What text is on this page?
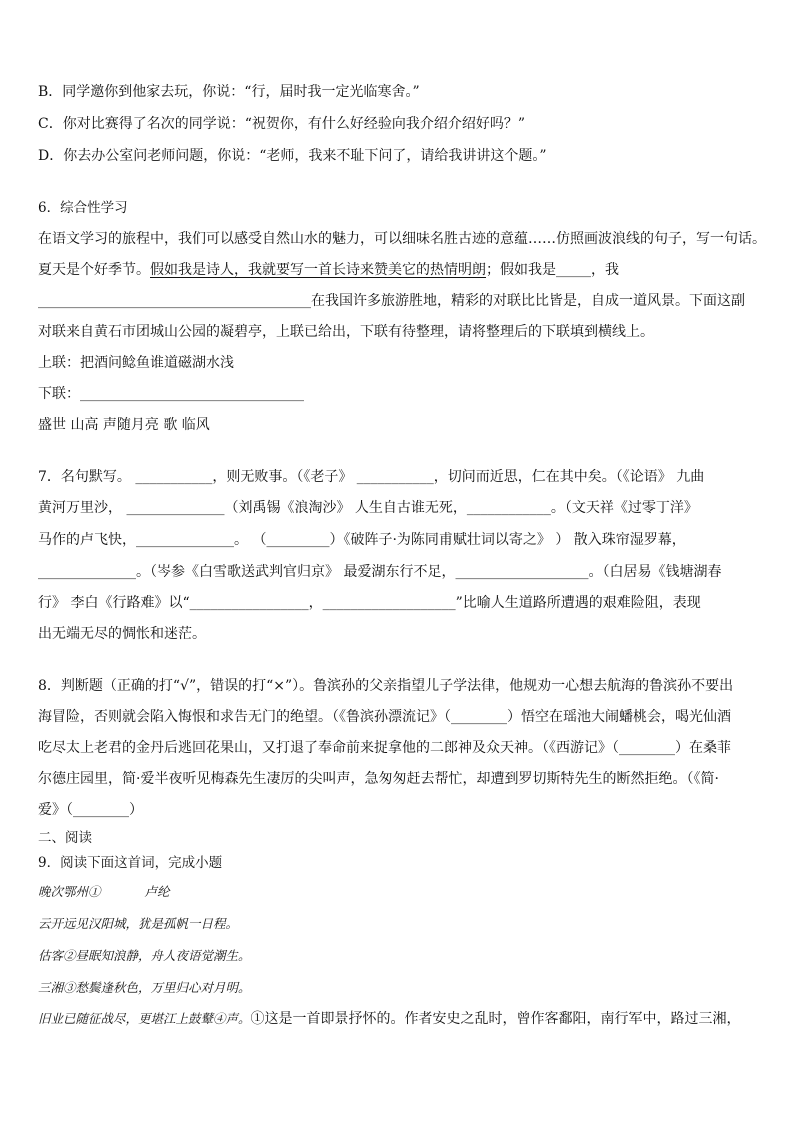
B．同学邀你到他家去玩，你说：“行，届时我一定光临寒舍。”
C．你对比赛得了名次的同学说：“祝贺你，有什么好经验向我介绍介绍好吗？”
D．你去办公室问老师问题，你说：“老师，我来不耻下问了，请给我讲讲这个题。”
6．综合性学习
在语文学习的旅程中，我们可以感受自然山水的魅力，可以细味名胜古迹的意蕴……仿照画波浪线的句子，写一句话。
夏天是个好季节。假如我是诗人，我就要写一首长诗来赞美它的热情明朗；假如我是_____，我
_______________________________________在我国许多旅游胜地，精彩的对联比比皆是，自成一道风景。下面这副
对联来自黄石市团城山公园的凝碧亭，上联已给出，下联有待整理，请将整理后的下联填到横线上。
上联：把酒问鲶鱼谁道磁湖水浅
下联：________________________________
盛世 山高 声随月亮 歌 临风
7．名句默写。 ___________，则无败事。（《老子》 ___________，切问而近思，仁在其中矣。（《论语》 九曲
黄河万里沙， ______________（刘禹锡《浪淘沙》 人生自古谁无死，____________。（文天祥《过零丁洋》
马作的卢飞快，______________。 （_________）《破阵子·为陈同甫赋壮词以寄之》 ） 散入珠帘湿罗幕，
______________。（岑参《白雪歌送武判官归京》 最爱湖东行不足，___________________。（白居易《钱塘湖春
行》 李白《行路难》以“_________________，___________________”比喻人生道路所遭遇的艰难险阻，表现
出无端无尽的惆怅和迷茫。
8．判断题（正确的打“√”，错误的打“×”）。鲁滨孙的父亲指望儿子学法律，他规劝一心想去航海的鲁滨孙不要出
海冒险，否则就会陷入悔恨和求告无门的绝望。（《鲁滨孙漂流记》（________）悟空在瑶池大闹蟠桃会，喝光仙酒
吃尽太上老君的金丹后逃回花果山，又打退了奉命前来捉拿他的二郎神及众天神。（《西游记》（________）在桑菲
尔德庄园里，简·爱半夜听见梅森先生凄厉的尖叫声，急匆匆赶去帮忙，却遭到罗切斯特先生的断然拒绝。（《简·
爱》（________）
二、阅读
9．阅读下面这首词，完成小题
晚次鄂州①	卢纶
云开远见汉阳城，犹是孤帆一日程。
估客②昼眠知浪静，舟人夜语觉潮生。
三湘③愁鬓逢秋色，万里归心对月明。
旧业已随征战尽，更堪江上鼓鼙④声。①这是一首即景抒怀的。作者安史之乱时，曾作客鄱阳，南行军中，路过三湘，
